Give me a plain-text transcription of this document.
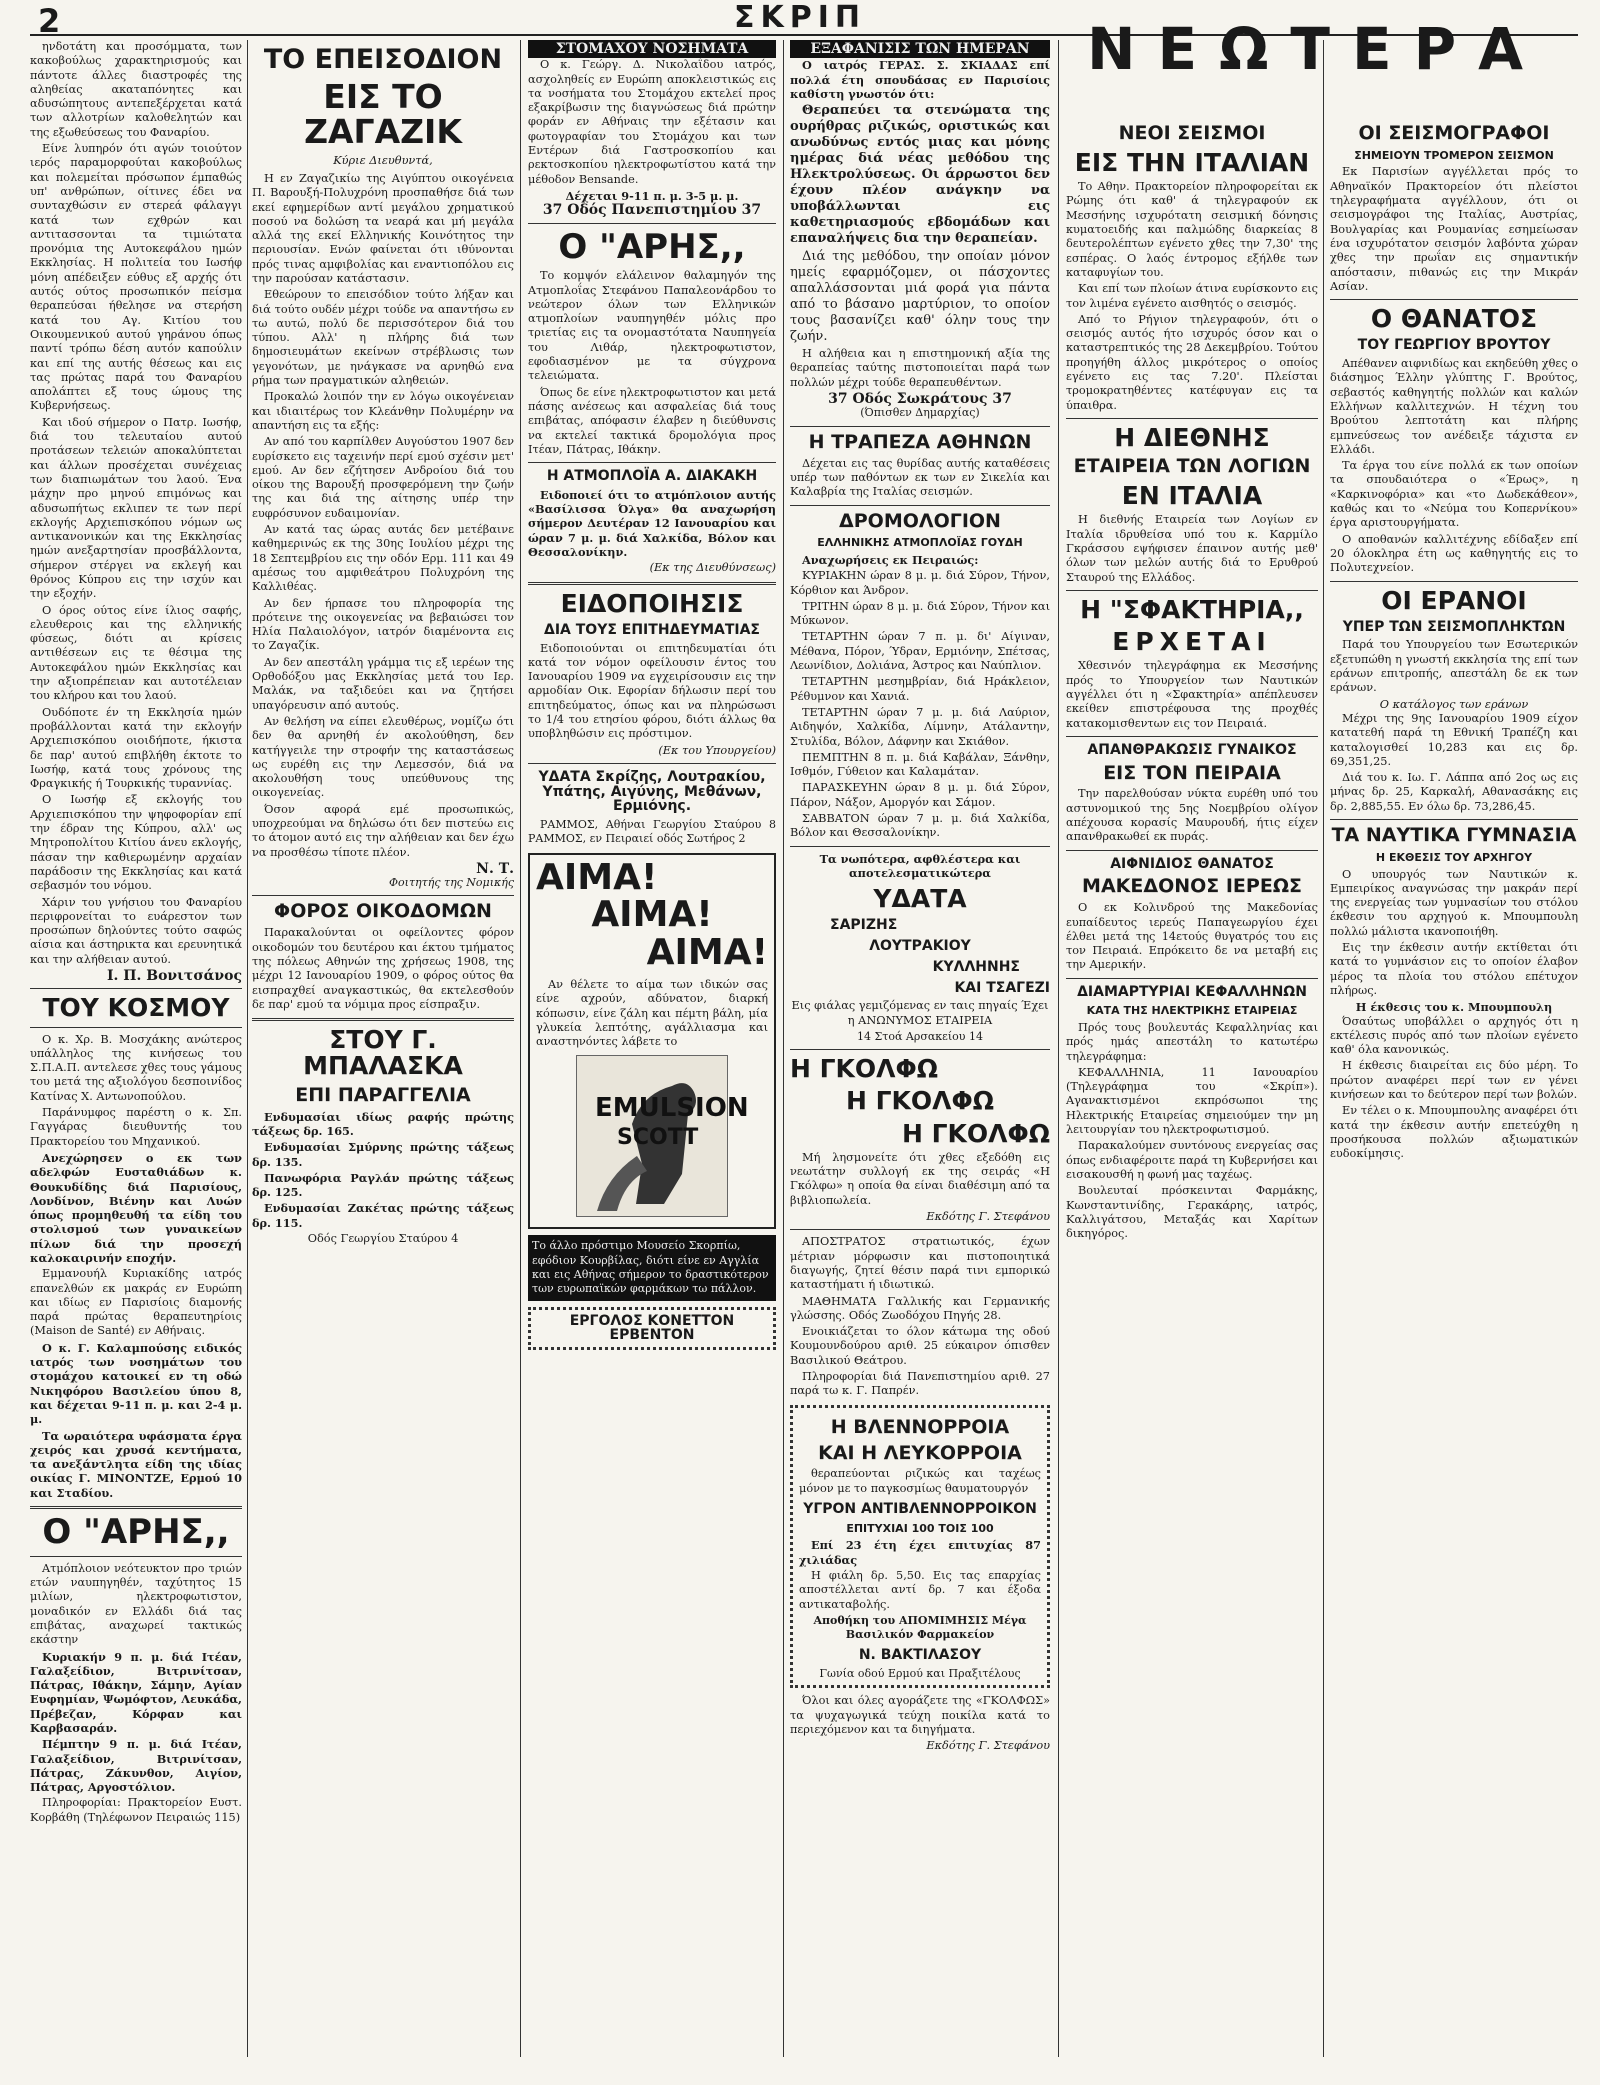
2	ΣΚΡΙΠ

ηνδοτάτη και προσόμματα, των κακοβούλως χαρακτηρισμούς και πάντοτε άλλες διαστροφές της αληθείας ακαταπόνητες και αδυσώπητους αντεπεξέρχεται κατά των αλλοτρίων καλοθελητών και της εξωθεύσεως του Φαναρίου.

Είνε λυπηρόν ότι αγών τοιούτον ιερός παραμορφούται κακοβούλως και πολεμείται πρόσωπον έμπαθώς υπ' ανθρώπων, οίτινες έδει να συνταχθώσιν εν στερεά φάλαγγι κατά των εχθρών και αντιτασσονται τα τιμιώτατα προνόμια της Αυτοκεφάλου ημών Εκκλησίας. Η πολιτεία του Ιωσήφ μόνη απέδειξεν εύθυς εξ αρχής ότι αυτός ούτος προσωπικόν πείσμα θεραπεύσαι ήθελησε να στερήση κατά του Αγ. Κιτίου του Οικουμενικού αυτού γηράνου όπως παντί τρόπω δέση αυτόν καπούλιν και επί της αυτής θέσεως και εις τας πρώτας παρά του Φαναρίου απολάπτει εξ τους ώμους της Κυβερνήσεως.

Και ιδού σήμερον ο Πατρ. Ιωσήφ, διά του τελευταίου αυτού προτάσεων τελειών αποκαλύπτεται και άλλων προσέχεται συνέχειας των διαπιωμάτων του λαού. Ένα μάχην προ μηνού επιμόνως και αδυσωπήτως εκλιπεν τε των περί εκλογής Αρχιεπισκόπου νόμων ως αντικανονικών και της Εκκλησίας ημών ανεξαρτησίαν προσβάλλοντα, σήμερον στέργει να εκλεγή και θρόνος Κύπρου εις την ισχύν και την εξοχήν.

Ο όρος ούτος είνε ίλιος σαφής, ελευθεροις και της ελληνικής φύσεως, διότι αι κρίσεις αντιθέσεων εις τε θέσιμα της Αυτοκεφάλου ημών Εκκλησίας και την αξιοπρέπειαν και αυτοτέλειαν του κλήρου και του λαού.

Ουδόποτε έν τη Εκκλησία ημών προβάλλονται κατά την εκλογήν Αρχιεπισκόπου οιοιδήποτε, ήκιστα δε παρ' αυτού επιβλήθη έκτοτε το Ιωσήφ, κατά τους χρόνους της Φραγκικής ή Τουρκικής τυραννίας.

Ο Ιωσήφ εξ εκλογής του Αρχιεπισκόπου την ψηφοφορίαν επί την έδραν της Κύπρου, αλλ' ως Μητροπολίτου Κιτίου άνευ εκλογής, πάσαν την καθιερωμένην αρχαίαν παράδοσιν της Εκκλησίας και κατά σεβασμόν του νόμου.

Χάριν του γνήσιου του Φαναρίου περιφρονείται το ευάρεστον των προσώπων δηλούντες τούτο σαφώς αίσια και άστηρικτα και ερευνητικά και την αλήθειαν αυτού.

Ι. Π. Βονιτσάνος
ΤΟΥ ΚΟΣΜΟΥ

Ο κ. Χρ. Β. Μοσχάκης ανώτερος υπάλληλος της κινήσεως του Σ.Π.Α.Π. αντελεσε χθες τους γάμους του μετά της αξιολόγου δεσποινίδος Κατίνας Χ. Αντωνοπούλου.

Παράνυμφος παρέστη ο κ. Σπ. Γαγγάρας διευθυντής του Πρακτορείου του Μηχανικού.

Ανεχώρησεν ο εκ των αδελφών Ευσταθιάδων κ. Θουκυδίδης διά Παρισίους, Λονδίνον, Βιένην και Λυών όπως προμηθευθή τα είδη του στολισμού των γυναικείων πίλων διά την προσεχή καλοκαιρινήν εποχήν.

Εμμανουήλ Κυριακίδης ιατρός επανελθών εκ μακράς εν Ευρώπη και ιδίως εν Παρισίοις διαμονής παρά πρώτας θεραπευτηρίοις (Maison de Santé) εν Αθήναις.

Ο κ. Γ. Καλαμπούσης ειδικός ιατρός των νοσημάτων του στομάχου κατοικεί εν τη οδώ Νικηφόρου Βασιλείου ύπου 8, και δέχεται 9-11 π. μ. και 2-4 μ. μ.

Τα ωραιότερα υφάσματα έργα χειρός και χρυσά κεντήματα, τα ανεξάντλητα είδη της ιδίας οικίας Γ. ΜΙΝΟΝΤΖΕ, Ερμού 10 και Σταδίου.

Ο "ΑΡΗΣ,,

Ατμόπλοιον νεότευκτον προ τριών ετών ναυπηγηθέν, ταχύτητος 15 μιλίων, ηλεκτροφωτιστον, μοναδικόν εν Ελλάδι διά τας επιβάτας, αναχωρεί τακτικώς εκάστην

Κυριακήν 9 π. μ. διά Ιτέαν, Γαλαξείδιον, Βιτρινίτσαν, Πάτρας, Ιθάκην, Σάμην, Αγίαν Ευφημίαν, Ψωμόφτον, Λευκάδα, Πρέβεζαν, Κόρφαν και Καρβασαράν.

Πέμπτην 9 π. μ. διά Ιτέαν, Γαλαξείδιον, Βιτρινίτσαν, Πάτρας, Ζάκυνθον, Αιγίον, Πάτρας, Αργοστόλιον.

Πληροφορίαι: Πρακτορείον Ευστ. Κορβάθη (Τηλέφωνον Πειραιώς 115)

ΤΟ ΕΠΕΙΣΟΔΙΟΝ
ΕΙΣ ΤΟ ΖΑΓΑΖΙΚ
Κύριε Διευθυντά,

Η εν Ζαγαζικίω της Αιγύπτου οικογένεια Π. Βαρουξή-Πολυχρόνη προσπαθήσε διά των εκεί εφημερίδων αντί μεγάλου χρηματικού ποσού να δολώση τα νεαρά και μή μεγάλα αλλά της εκεί Ελληνικής Κοινότητος την περιουσίαν. Ενών φαίνεται ότι ιθύνονται πρός τινας αμφιβολίας και εναντιοπόλου εις την παρούσαν κατάστασιν.

Εθεώρουν το επεισόδιον τούτο λήξαν και διά τούτο ουδέν μέχρι τούδε να απαντήσω εν τω αυτώ, πολύ δε περισσότερον διά του τύπου. Αλλ' η πλήρης διά των δημοσιευμάτων εκείνων στρέβλωσις των γεγονότων, με ηνάγκασε να αρνηθώ ενα ρήμα των πραγματικών αληθειών.

Προκαλώ λοιπόν την εν λόγω οικογένειαν και ιδιαιτέρως τον Κλεάνθην Πολυμέρην να απαντήση εις τα εξής:

Αν από του καρπίλθεν Αυγούστου 1907 δεν ευρίσκετο εις ταχεινήν περί εμού σχέσιν μετ' εμού. Αν δεν εζήτησεν Ανδροίου διά του οίκου της Βαρουξή προσφερόμενη την ζωήν της και διά της αίτησης υπέρ την ευφρόσυνον ευδαιμονίαν.

Αν κατά τας ώρας αυτάς δεν μετέβαινε καθημερινώς εκ της 30ης Ιουλίου μέχρι της 18 Σεπτεμβρίου εις την οδόν Ερμ. 111 και 49 αμέσως του αμφιθεάτρου Πολυχρόνη της Καλλιθέας.

Αν δεν ήρπασε του πληροφορία της πρότεινε της οικογενείας να βεβαιώσει τον Ηλία Παλαιολόγον, ιατρόν διαμένοντα εις το Ζαγαζίκ.

Αν δεν απεστάλη γράμμα τις εξ ιερέων της Ορθοδόξου μας Εκκλησίας μετά του Ιερ. Μαλάκ, να ταξιδεύει και να ζητήσει υπαγόρευσιν από αυτούς.

Αν θελήση να είπει ελευθέρως, νομίζω ότι δεν θα αρνηθή έν ακολούθηση, δεν κατήγγειλε την στροφήν της καταστάσεως ως ευρέθη εις την Λεμεσσόν, διά να ακολουθήση τους υπεύθυνους της οικογενείας.

Όσον αφορά εμέ προσωπικώς, υποχρεούμαι να δηλώσω ότι δεν πιστεύω εις το άτομον αυτό εις την αλήθειαν και δεν έχω να προσθέσω τίποτε πλέον.

Ν. Τ.
Φοιτητής της Νομικής
ΦΟΡΟΣ ΟΙΚΟΔΟΜΩΝ

Παρακαλούνται οι οφείλοντες φόρον οικοδομών του δευτέρου και έκτου τμήματος της πόλεως Αθηνών της χρήσεως 1908, της μέχρι 12 Ιανουαρίου 1909, ο φόρος ούτος θα εισπραχθεί αναγκαστικώς, θα εκτελεσθούν δε παρ' εμού τα νόμιμα προς είσπραξιν.

ΣΤΟΥ Γ. ΜΠΑΛΑΣΚΑ
ΕΠΙ ΠΑΡΑΓΓΕΛΙΑ

Ενδυμασίαι ιδίως ραφής πρώτης τάξεως δρ. 165.

Ενδυμασίαι Σμύρνης πρώτης τάξεως δρ. 135.

Πανωφόρια Ραγλάν πρώτης τάξεως δρ. 125.

Ενδυμασίαι Ζακέτας πρώτης τάξεως δρ. 115.

Οδός Γεωργίου Σταύρου 4
ΣΤΟΜΑΧΟΥ ΝΟΣΗΜΑΤΑ

Ο κ. Γεώργ. Δ. Νικολαΐδου ιατρός, ασχοληθείς εν Ευρώπη αποκλειστικώς εις τα νοσήματα του Στομάχου εκτελεί προς εξακρίβωσιν της διαγνώσεως διά πρώτην φοράν εν Αθήναις την εξέτασιν και φωτογραφίαν του Στομάχου και των Εντέρων διά Γαστροσκοπίου και ρεκτοσκοπίου ηλεκτροφωτίστου κατά την μέθοδον Bensande.

Δέχεται 9-11 π. μ. 3-5 μ. μ.
37 Οδός Πανεπιστημίου 37
Ο "ΑΡΗΣ,,

Το κομψόν ελάλεινον θαλαμηγόν της Ατμοπλοΐας Στεφάνου Παπαλεονάρδου το νεώτερον όλων των Ελληνικών ατμοπλοίων ναυπηγηθέν μόλις προ τριετίας εις τα ονομαστότατα Ναυπηγεία του Λιθάρ, ηλεκτροφωτιστον, εφοδιασμένον με τα σύγχρονα τελειώματα.

Όπως δε είνε ηλεκτροφωτιστον και μετά πάσης ανέσεως και ασφαλείας διά τους επιβάτας, απόφασιν έλαβεν η διεύθυνσις να εκτελεί τακτικά δρομολόγια προς Ιτέαν, Πάτρας, Ιθάκην.

Η ΑΤΜΟΠΛΟΪΑ Α. ΔΙΑΚΑΚΗ

Ειδοποιεί ότι το ατμόπλοιον αυτής «Βασίλισσα Όλγα» θα αναχωρήση σήμερον Δευτέραν 12 Ιανουαρίου και ώραν 7 μ. μ. διά Χαλκίδα, Βόλον και Θεσσαλονίκην.

(Εκ της Διευθύνσεως)
ΕΙΔΟΠΟΙΗΣΙΣ
ΔΙΑ ΤΟΥΣ ΕΠΙΤΗΔΕΥΜΑΤΙΑΣ

Ειδοποιούνται οι επιτηδευματίαι ότι κατά τον νόμον οφείλουσιν έντος του Ιανουαρίου 1909 να εγχειρίσουσιν εις την αρμοδίαν Οικ. Εφορίαν δήλωσιν περί του επιτηδεύματος, όπως και να πληρώσωσι το 1/4 του ετησίου φόρου, διότι άλλως θα υποβληθώσιν εις πρόστιμον.

(Εκ του Υπουργείου)
ΥΔΑΤΑ Σκρίζης, Λουτρακίου, Υπάτης, Αιγύνης, Μεθάνων, Ερμιόνης.

ΡΑΜΜΟΣ, Αθήναι Γεωργίου Σταύρου 8 ΡΑΜΜΟΣ, εν Πειραιεί οδός Σωτήρος 2

ΑΙΜΑ!
ΑΙΜΑ!
ΑΙΜΑ!

Αν θέλετε το αίμα των ιδικών σας είνε αχρούν, αδύνατον, διαρκή κόπωσιν, είνε ζάλη και πέμτη βάλη, μία γλυκεία λεπτότης, αγάλλιασμα και αναστηνόντες λάβετε το

EMULSION
SCOTT
Το άλλο πρόστιμο Μουσείο Σκορπίω, εφόδιον Κουρβίλας, διότι είνε εν Αγγλία και εις Αθήνας σήμερον το δραστικότερον των ευρωπαϊκών φαρμάκων τω πάλλον.
ΕΡΓΟΛΟΣ ΚΟΝΕΤΤΟΝ ΕΡΒΕΝΤΟΝ
ΕΞΑΦΑΝΙΣΙΣ ΤΩΝ ΗΜΕΡΑΝ

Ο ιατρός ΓΕΡΑΣ. Σ. ΣΚΙΑΔΑΣ επί πολλά έτη σπουδάσας εν Παρισίοις καθίστη γνωστόν ότι:

Θεραπεύει τα στενώματα της ουρήθρας ριζικώς, οριστικώς και ανωδύνως εντός μιας και μόνης ημέρας διά νέας μεθόδου της Ηλεκτρολύσεως. Οι άρρωστοι δεν έχουν πλέον ανάγκην να υποβάλλωνται εις καθετηριασμούς εβδομάδων και επαναλήψεις δια την θεραπείαν.

Διά της μεθόδου, την οποίαν μόνον ημείς εφαρμόζομεν, οι πάσχοντες απαλλάσσονται μιά φορά για πάντα από το βάσανο μαρτύριον, το οποίον τους βασανίζει καθ' όλην τους την ζωήν.

Η αλήθεια και η επιστημονική αξία της θεραπείας ταύτης πιστοποιείται παρά των πολλών μέχρι τούδε θεραπευθέντων.

37 Οδός Σωκράτους 37
(Όπισθεν Δημαρχίας)
Η ΤΡΑΠΕΖΑ ΑΘΗΝΩΝ

Δέχεται εις τας θυρίδας αυτής καταθέσεις υπέρ των παθόντων εκ των εν Σικελία και Καλαβρία της Ιταλίας σεισμών.

ΔΡΟΜΟΛΟΓΙΟΝ
ΕΛΛΗΝΙΚΗΣ ΑΤΜΟΠΛΟΪΑΣ ΓΟΥΔΗ

Αναχωρήσεις εκ Πειραιώς:

ΚΥΡΙΑΚΗΝ ώραν 8 μ. μ. διά Σύρον, Τήνον, Κόρθιον και Άνδρον.

ΤΡΙΤΗΝ ώραν 8 μ. μ. διά Σύρον, Τήνον και Μύκωνον.

ΤΕΤΑΡΤΗΝ ώραν 7 π. μ. δι' Αίγιναν, Μέθανα, Πόρον, Ύδραν, Ερμιόνην, Σπέτσας, Λεωνίδιον, Δολιάνα, Άστρος και Ναύπλιον.

ΤΕΤΑΡΤΗΝ μεσημβρίαν, διά Ηράκλειον, Ρέθυμνον και Χανιά.

ΤΕΤΑΡΤΗΝ ώραν 7 μ. μ. διά Λαύριον, Αιδηψόν, Χαλκίδα, Λίμνην, Ατάλαντην, Στυλίδα, Βόλον, Δάφνην και Σκιάθον.

ΠΕΜΠΤΗΝ 8 π. μ. διά Καβάλαν, Ξάνθην, Ισθμόν, Γύθειον και Καλαμάταν.

ΠΑΡΑΣΚΕΥΗΝ ώραν 8 μ. μ. διά Σύρον, Πάρον, Νάξον, Αμοργόν και Σάμον.

ΣΑΒΒΑΤΟΝ ώραν 7 μ. μ. διά Χαλκίδα, Βόλον και Θεσσαλονίκην.

Τα νωπότερα, αφθλέστερα και αποτελεσματικώτερα

ΥΔΑΤΑ
ΣΑΡΙΖΗΣ
ΛΟΥΤΡΑΚΙΟΥ
ΚΥΛΛΗΝΗΣ
ΚΑΙ ΤΣΑΓΕΖΙ

Εις φιάλας γεμιζόμενας εν ταις πηγαίς Έχει η ΑΝΩΝΥΜΟΣ ΕΤΑΙΡΕΙΑ

14 Στοά Αρσακείου 14
Η ΓΚΟΛΦΩ
Η ΓΚΟΛΦΩ
Η ΓΚΟΛΦΩ

Μή λησμονείτε ότι χθες εξεδόθη εις νεωτάτην συλλογή εκ της σειράς «Η Γκόλφω» η οποία θα είναι διαθέσιμη από τα βιβλιοπωλεία.

Εκδότης Γ. Στεφάνου

ΑΠΟΣΤΡΑΤΟΣ στρατιωτικός, έχων μέτριαν μόρφωσιν και πιστοποιητικά διαγωγής, ζητεί θέσιν παρά τινι εμπορικώ καταστήματι ή ιδιωτικώ.

ΜΑΘΗΜΑΤΑ Γαλλικής και Γερμανικής γλώσσης. Οδός Ζωοδόχου Πηγής 28.

Ενοικιάζεται το όλον κάτωμα της οδού Κουμουνδούρου αριθ. 25 εύκαιρον όπισθεν Βασιλικού Θεάτρου.

Πληροφορίαι διά Πανεπιστημίου αριθ. 27 παρά τω κ. Γ. Παπρέν.

Η ΒΛΕΝΝΟΡΡΟΙΑ
ΚΑΙ Η ΛΕΥΚΟΡΡΟΙΑ

θεραπεύονται ριζικώς και ταχέως μόνον με το παγκοσμίως θαυματουργόν

ΥΓΡΟΝ ΑΝΤΙΒΛΕΝΝΟΡΡΟΙΚΟΝ
ΕΠΙΤΥΧΙΑΙ 100 ΤΟΙΣ 100

Επί 23 έτη έχει επιτυχίας 87 χιλιάδας

Η φιάλη δρ. 5,50. Εις τας επαρχίας αποστέλλεται αντί δρ. 7 και έξοδα αντικαταβολής.

Αποθήκη του ΑΠΟΜΙΜΗΣΙΣ Μέγα Βασιλικόν Φαρμακείον
Ν. ΒΑΚΤΙΛΑΣΟΥ
Γωνία οδού Ερμού και Πραξιτέλους

Όλοι και όλες αγοράζετε της «ΓΚΟΛΦΩΣ» τα ψυχαγωγικά τεύχη ποικίλα κατά το περιεχόμενον και τα διηγήματα.

Εκδότης Γ. Στεφάνου
ΝΕΩΤΕΡΑ
ΝΕΟΙ ΣΕΙΣΜΟΙ
ΕΙΣ ΤΗΝ ΙΤΑΛΙΑΝ

Το Αθην. Πρακτορείον πληροφορείται εκ Ρώμης ότι καθ' ά τηλεγραφούν εκ Μεσσήνης ισχυρότατη σεισμική δόνησις κυματοειδής και παλμώδης διαρκείας 8 δευτερολέπτων εγένετο χθες την 7,30' της εσπέρας. Ο λαός έντρομος εξήλθε των καταφυγίων του.

Και επί των πλοίων άτινα ευρίσκοντο εις τον λιμένα εγένετο αισθητός ο σεισμός.

Από το Ρήγιον τηλεγραφούν, ότι ο σεισμός αυτός ήτο ισχυρός όσον και ο καταστρεπτικός της 28 Δεκεμβρίου. Τούτου προηγήθη άλλος μικρότερος ο οποίος εγένετο εις τας 7.20'. Πλείσται τρομοκρατηθέντες κατέφυγαν εις τα ύπαιθρα.

Η ΔΙΕΘΝΗΣ
ΕΤΑΙΡΕΙΑ ΤΩΝ ΛΟΓΙΩΝ
ΕΝ ΙΤΑΛΙΑ

Η διεθνής Εταιρεία των Λογίων εν Ιταλία ιδρυθείσα υπό του κ. Καρμίλο Γκράσσου εψήφισεν έπαινον αυτής μεθ' όλων των μελών αυτής διά το Ερυθρού Σταυρού της Ελλάδος.

Η "ΣΦΑΚΤΗΡΙΑ,,
ΕΡΧΕΤΑΙ

Χθεσινόν τηλεγράφημα εκ Μεσσήνης πρός το Υπουργείον των Ναυτικών αγγέλλει ότι η «Σφακτηρία» απέπλευσεν εκείθεν επιστρέφουσα της προχθές κατακομισθεντων εις τον Πειραιά.

ΑΠΑΝΘΡΑΚΩΣΙΣ ΓΥΝΑΙΚΟΣ
ΕΙΣ ΤΟΝ ΠΕΙΡΑΙΑ

Την παρελθούσαν νύκτα ευρέθη υπό του αστυνομικού της 5ης Νοεμβρίου ολίγον απέχουσα κορασίς Μαυρουδή, ήτις είχεν απανθρακωθεί εκ πυράς.

ΑΙΦΝΙΔΙΟΣ ΘΑΝΑΤΟΣ
ΜΑΚΕΔΟΝΟΣ ΙΕΡΕΩΣ

Ο εκ Κολινδρού της Μακεδονίας ευπαίδευτος ιερεύς Παπαγεωργίου έχει έλθει μετά της 14ετούς θυγατρός του εις τον Πειραιά. Επρόκειτο δε να μεταβή εις την Αμερικήν.

ΔΙΑΜΑΡΤΥΡΙΑΙ ΚΕΦΑΛΛΗΝΩΝ
ΚΑΤΑ ΤΗΣ ΗΛΕΚΤΡΙΚΗΣ ΕΤΑΙΡΕΙΑΣ

Πρός τους βουλευτάς Κεφαλληνίας και πρός ημάς απεστάλη το κατωτέρω τηλεγράφημα:

ΚΕΦΑΛΛΗΝΙΑ, 11 Ιανουαρίου (Τηλεγράφημα του «Σκρίπ»). Αγανακτισμένοι εκπρόσωποι της Ηλεκτρικής Εταιρείας σημειούμεν την μη λειτουργίαν του ηλεκτροφωτισμού.

Παρακαλούμεν συντόνους ενεργείας σας όπως ενδιαφέροιτε παρά τη Κυβερνήσει και εισακουσθή η φωνή μας ταχέως.

Βουλευταί πρόσκεινται Φαρμάκης, Κωνσταντινίδης, Γερακάρης, ιατρός, Καλλιγάτσου, Μεταξάς και Χαρίτων δικηγόρος.

ΟΙ ΣΕΙΣΜΟΓΡΑΦΟΙ
ΣΗΜΕΙΟΥΝ ΤΡΟΜΕΡΟΝ ΣΕΙΣΜΟΝ

Εκ Παρισίων αγγέλλεται πρός το Αθηναϊκόν Πρακτορείον ότι πλείστοι τηλεγραφήματα αγγέλλουν, ότι οι σεισμογράφοι της Ιταλίας, Αυστρίας, Βουλγαρίας και Ρουμανίας εσημείωσαν ένα ισχυρότατον σεισμόν λαβόντα χώραν χθες την πρωΐαν εις σημαντικήν απόστασιν, πιθανώς εις την Μικράν Ασίαν.

Ο ΘΑΝΑΤΟΣ
ΤΟΥ ΓΕΩΡΓΙΟΥ ΒΡΟΥΤΟΥ

Απέθανεν αιφνιδίως και εκηδεύθη χθες ο διάσημος Έλλην γλύπτης Γ. Βρούτος, σεβαστός καθηγητής πολλών και καλών Ελλήνων καλλιτεχνών. Η τέχνη του Βρούτου λεπτοτάτη και πλήρης εμπνεύσεως τον ανέδειξε τάχιστα εν Ελλάδι.

Τα έργα του είνε πολλά εκ των οποίων τα σπουδαιότερα ο «Έρως», η «Καρκινοφόρια» και «το Δωδεκάθεον», καθώς και το «Νεύμα του Κοπερνίκου» έργα αριστουργήματα.

Ο αποθανών καλλιτέχνης εδίδαξεν επί 20 όλοκληρα έτη ως καθηγητής εις το Πολυτεχνείον.

ΟΙ ΕΡΑΝΟΙ
ΥΠΕΡ ΤΩΝ ΣΕΙΣΜΟΠΛΗΚΤΩΝ

Παρά του Υπουργείου των Εσωτερικών εξετυπώθη η γνωστή εκκλησία της επί των εράνων επιτροπής, απεστάλη δε εκ των εράνων.

Ο κατάλογος των εράνων

Μέχρι της 9ης Ιανουαρίου 1909 είχον κατατεθή παρά τη Εθνική Τραπέζη και καταλογισθεί 10,283 και εις δρ. 69,351,25.

Διά του κ. Ιω. Γ. Λάππα από 2ος ως εις μήνας δρ. 25, Καρκαλή, Αθανασάκης εις δρ. 2,885,55. Εν όλω δρ. 73,286,45.

ΤΑ ΝΑΥΤΙΚΑ ΓΥΜΝΑΣΙΑ
Η ΕΚΘΕΣΙΣ ΤΟΥ ΑΡΧΗΓΟΥ

Ο υπουργός των Ναυτικών κ. Εμπειρίκος αναγνώσας την μακράν περί της ενεργείας των γυμνασίων του στόλου έκθεσιν του αρχηγού κ. Μπουμπουλη πολλώ μάλιστα ικανοποιήθη.

Εις την έκθεσιν αυτήν εκτίθεται ότι κατά το γυμνάσιον εις το οποίον έλαβον μέρος τα πλοία του στόλου επέτυχον πλήρως.

Η έκθεσις του κ. Μπουμπουλη

Όσαύτως υποβάλλει ο αρχηγός ότι η εκτέλεσις πυρός από των πλοίων εγένετο καθ' όλα κανονικώς.

Η έκθεσις διαιρείται εις δύο μέρη. Το πρώτον αναφέρει περί των εν γένει κινήσεων και το δεύτερον περί των βολών.

Εν τέλει ο κ. Μπουμπουλης αναφέρει ότι κατά την έκθεσιν αυτήν επετεύχθη η προσήκουσα πολλών αξιωματικών ευδοκίμησις.
